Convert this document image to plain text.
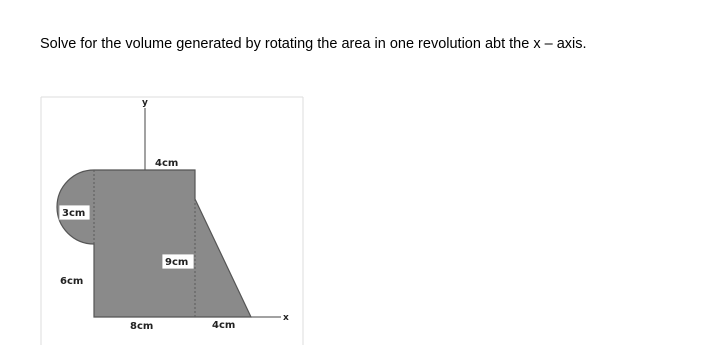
Solve for the volume generated by rotating the area in one revolution abt the x – axis.
y
x
4cm
3cm
9cm
6cm
8cm	4cm
